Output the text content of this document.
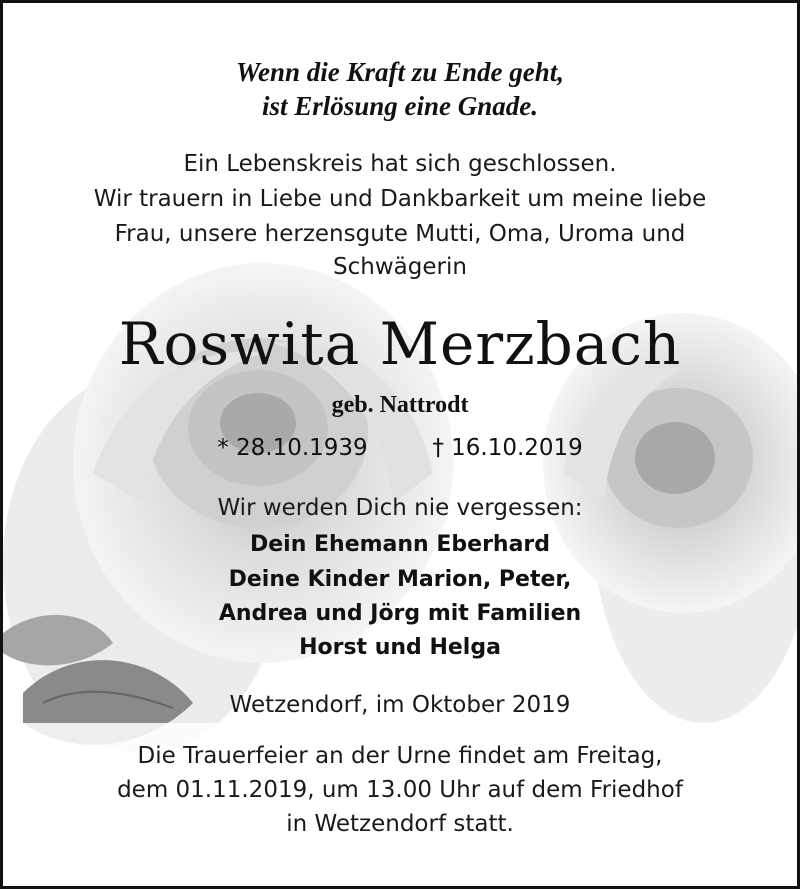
Wenn die Kraft zu Ende geht,
ist Erlösung eine Gnade.
Ein Lebenskreis hat sich geschlossen.
Wir trauern in Liebe und Dankbarkeit um meine liebe
Frau, unsere herzensgute Mutti, Oma, Uroma und
Schwägerin
Roswita Merzbach
geb. Nattrodt
* 28.10.1939	† 16.10.2019
Wir werden Dich nie vergessen:
Dein Ehemann Eberhard
Deine Kinder Marion, Peter,
Andrea und Jörg mit Familien
Horst und Helga
Wetzendorf, im Oktober 2019
Die Trauerfeier an der Urne findet am Freitag,
dem 01.11.2019, um 13.00 Uhr auf dem Friedhof
in Wetzendorf statt.
